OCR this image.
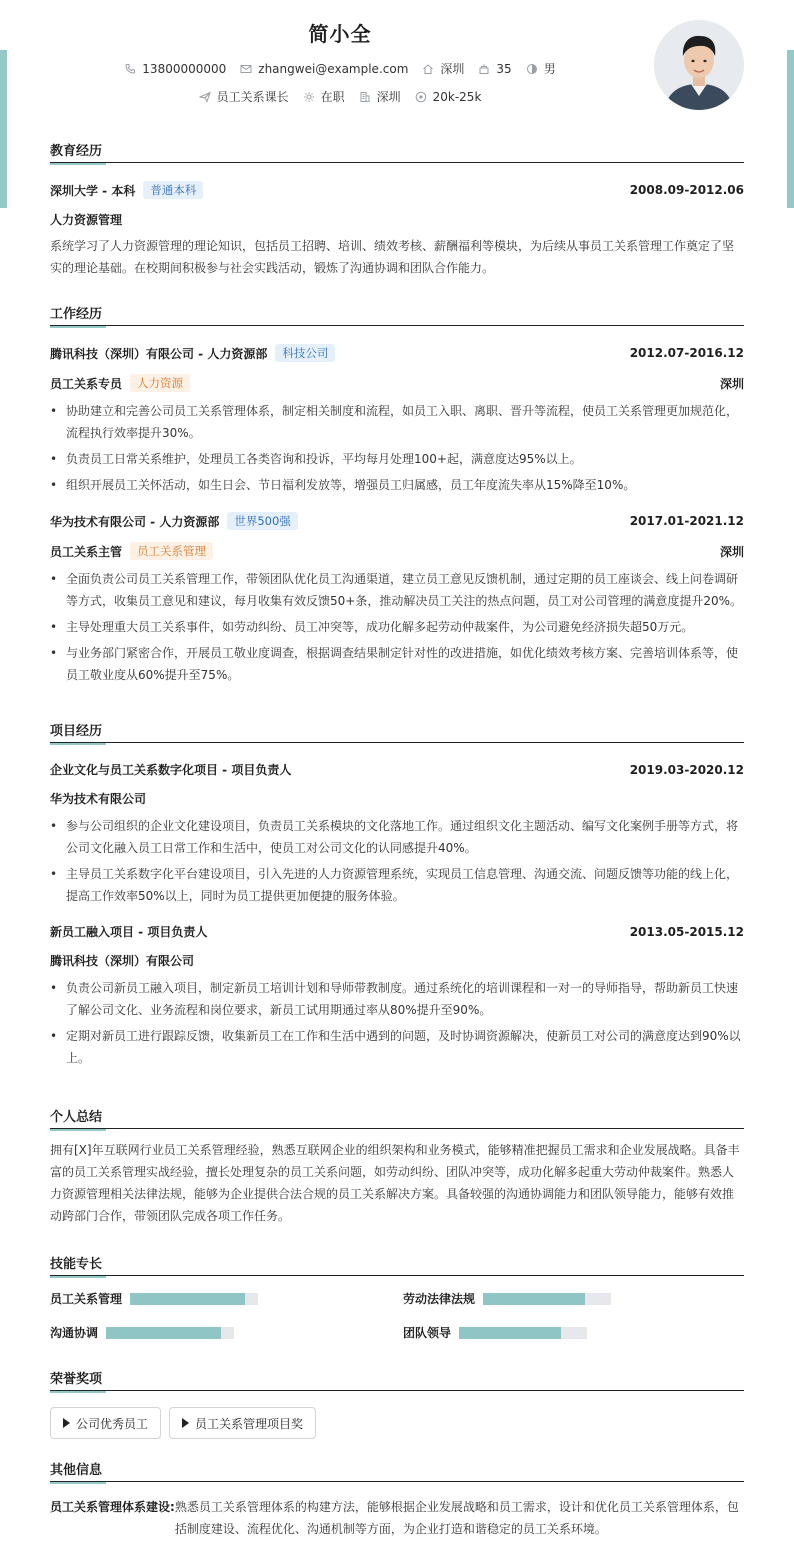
简小全
13800000000	zhangwei@example.com	深圳	35	男
员工关系课长	在职	深圳	20k-25k
教育经历
深圳大学 - 本科	普通本科	2008.09-2012.06
人力资源管理
系统学习了人力资源管理的理论知识，包括员工招聘、培训、绩效考核、薪酬福利等模块，为后续从事员工关系管理工作奠定了坚实的理论基础。在校期间积极参与社会实践活动，锻炼了沟通协调和团队合作能力。
工作经历
腾讯科技（深圳）有限公司 - 人力资源部	科技公司	2012.07-2016.12
员工关系专员	人力资源	深圳
• 协助建立和完善公司员工关系管理体系，制定相关制度和流程，如员工入职、离职、晋升等流程，使员工关系管理更加规范化，流程执行效率提升30%。
• 负责员工日常关系维护，处理员工各类咨询和投诉，平均每月处理100+起，满意度达95%以上。
• 组织开展员工关怀活动，如生日会、节日福利发放等，增强员工归属感，员工年度流失率从15%降至10%。
华为技术有限公司 - 人力资源部	世界500强	2017.01-2021.12
员工关系主管	员工关系管理	深圳
• 全面负责公司员工关系管理工作，带领团队优化员工沟通渠道，建立员工意见反馈机制，通过定期的员工座谈会、线上问卷调研等方式，收集员工意见和建议，每月收集有效反馈50+条，推动解决员工关注的热点问题，员工对公司管理的满意度提升20%。
• 主导处理重大员工关系事件，如劳动纠纷、员工冲突等，成功化解多起劳动仲裁案件，为公司避免经济损失超50万元。
• 与业务部门紧密合作，开展员工敬业度调查，根据调查结果制定针对性的改进措施，如优化绩效考核方案、完善培训体系等，使员工敬业度从60%提升至75%。
项目经历
企业文化与员工关系数字化项目 - 项目负责人	2019.03-2020.12
华为技术有限公司
• 参与公司组织的企业文化建设项目，负责员工关系模块的文化落地工作。通过组织文化主题活动、编写文化案例手册等方式，将公司文化融入员工日常工作和生活中，使员工对公司文化的认同感提升40%。
• 主导员工关系数字化平台建设项目，引入先进的人力资源管理系统，实现员工信息管理、沟通交流、问题反馈等功能的线上化，提高工作效率50%以上，同时为员工提供更加便捷的服务体验。
新员工融入项目 - 项目负责人	2013.05-2015.12
腾讯科技（深圳）有限公司
• 负责公司新员工融入项目，制定新员工培训计划和导师带教制度。通过系统化的培训课程和一对一的导师指导，帮助新员工快速了解公司文化、业务流程和岗位要求，新员工试用期通过率从80%提升至90%。
• 定期对新员工进行跟踪反馈，收集新员工在工作和生活中遇到的问题，及时协调资源解决，使新员工对公司的满意度达到90%以上。
个人总结
拥有[X]年互联网行业员工关系管理经验，熟悉互联网企业的组织架构和业务模式，能够精准把握员工需求和企业发展战略。具备丰富的员工关系管理实战经验，擅长处理复杂的员工关系问题，如劳动纠纷、团队冲突等，成功化解多起重大劳动仲裁案件。熟悉人力资源管理相关法律法规，能够为企业提供合法合规的员工关系解决方案。具备较强的沟通协调能力和团队领导能力，能够有效推动跨部门合作，带领团队完成各项工作任务。
技能专长
员工关系管理	劳动法律法规
沟通协调	团队领导
荣誉奖项
公司优秀员工	员工关系管理项目奖
其他信息
员工关系管理体系建设: 熟悉员工关系管理体系的构建方法，能够根据企业发展战略和员工需求，设计和优化员工关系管理体系，包括制度建设、流程优化、沟通机制等方面，为企业打造和谐稳定的员工关系环境。
